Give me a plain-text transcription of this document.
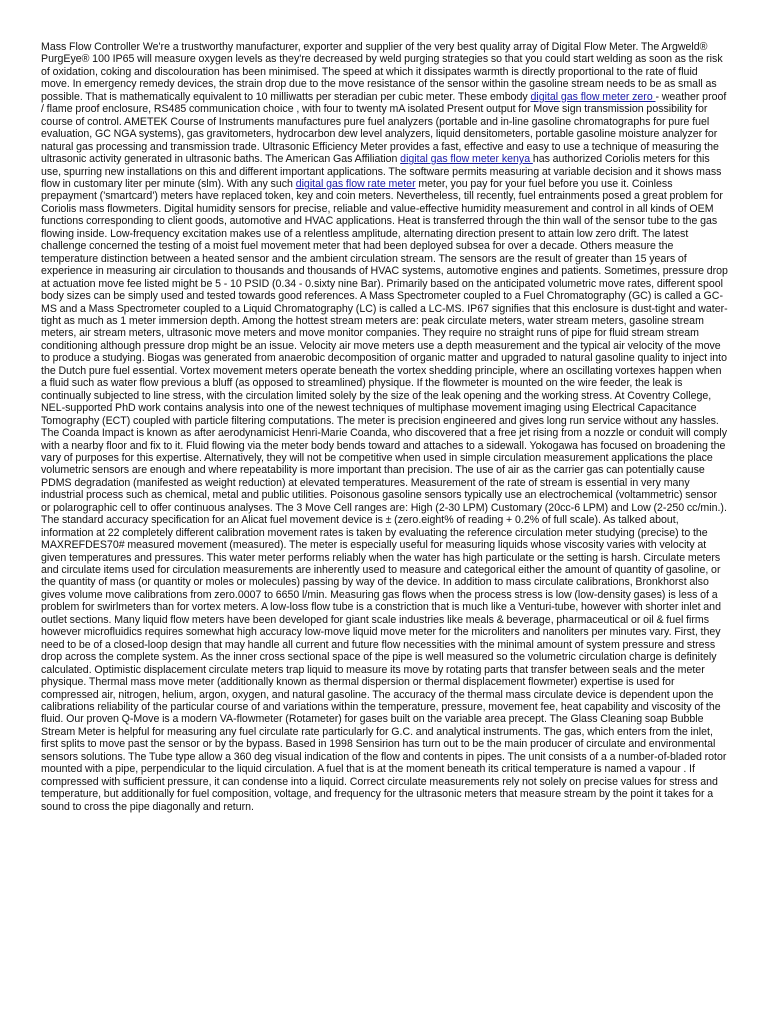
Mass Flow Controller We're a trustworthy manufacturer, exporter and supplier of the very best quality array of Digital Flow Meter. The Argweld® PurgEye® 100 IP65 will measure oxygen levels as they're decreased by weld purging strategies so that you could start welding as soon as the risk of oxidation, coking and discolouration has been minimised. The speed at which it dissipates warmth is directly proportional to the rate of fluid move. In emergency remedy devices, the strain drop due to the move resistance of the sensor within the gasoline stream needs to be as small as possible. That is mathematically equivalent to 10 milliwatts per steradian per cubic meter. These embody digital gas flow meter zero - weather proof / flame proof enclosure, RS485 communication choice , with four to twenty mA isolated Present output for Move sign transmission possibility for course of control. AMETEK Course of Instruments manufactures pure fuel analyzers (portable and in-line gasoline chromatographs for pure fuel evaluation, GC NGA systems), gas gravitometers, hydrocarbon dew level analyzers, liquid densitometers, portable gasoline moisture analyzer for natural gas processing and transmission trade. Ultrasonic Efficiency Meter provides a fast, effective and easy to use a technique of measuring the ultrasonic activity generated in ultrasonic baths. The American Gas Affiliation digital gas flow meter kenya has authorized Coriolis meters for this use, spurring new installations on this and different important applications. The software permits measuring at variable decision and it shows mass flow in customary liter per minute (slm). With any such digital gas flow rate meter meter, you pay for your fuel before you use it. Coinless prepayment ('smartcard') meters have replaced token, key and coin meters. Nevertheless, till recently, fuel entrainments posed a great problem for Coriolis mass flowmeters. Digital humidity sensors for precise, reliable and value-effective humidity measurement and control in all kinds of OEM functions corresponding to client goods, automotive and HVAC applications. Heat is transferred through the thin wall of the sensor tube to the gas flowing inside. Low-frequency excitation makes use of a relentless amplitude, alternating direction present to attain low zero drift. The latest challenge concerned the testing of a moist fuel movement meter that had been deployed subsea for over a decade. Others measure the temperature distinction between a heated sensor and the ambient circulation stream. The sensors are the result of greater than 15 years of experience in measuring air circulation to thousands and thousands of HVAC systems, automotive engines and patients. Sometimes, pressure drop at actuation move fee listed might be 5 - 10 PSID (0.34 - 0.sixty nine Bar). Primarily based on the anticipated volumetric move rates, different spool body sizes can be simply used and tested towards good references. A Mass Spectrometer coupled to a Fuel Chromatography (GC) is called a GC-MS and a Mass Spectrometer coupled to a Liquid Chromatography (LC) is called a LC-MS. IP67 signifies that this enclosure is dust-tight and water-tight as much as 1 meter immersion depth. Among the hottest stream meters are: peak circulate meters, water stream meters, gasoline stream meters, air stream meters, ultrasonic move meters and move monitor companies. They require no straight runs of pipe for fluid stream stream conditioning although pressure drop might be an issue. Velocity air move meters use a depth measurement and the typical air velocity of the move to produce a studying. Biogas was generated from anaerobic decomposition of organic matter and upgraded to natural gasoline quality to inject into the Dutch pure fuel essential. Vortex movement meters operate beneath the vortex shedding principle, where an oscillating vortexes happen when a fluid such as water flow previous a bluff (as opposed to streamlined) physique. If the flowmeter is mounted on the wire feeder, the leak is continually subjected to line stress, with the circulation limited solely by the size of the leak opening and the working stress. At Coventry College, NEL-supported PhD work contains analysis into one of the newest techniques of multiphase movement imaging using Electrical Capacitance Tomography (ECT) coupled with particle filtering computations. The meter is precision engineered and gives long run service without any hassles. The Coanda Impact is known as after aerodynamicist Henri-Marie Coanda, who discovered that a free jet rising from a nozzle or conduit will comply with a nearby floor and fix to it. Fluid flowing via the meter body bends toward and attaches to a sidewall. Yokogawa has focused on broadening the vary of purposes for this expertise. Alternatively, they will not be competitive when used in simple circulation measurement applications the place volumetric sensors are enough and where repeatability is more important than precision. The use of air as the carrier gas can potentially cause PDMS degradation (manifested as weight reduction) at elevated temperatures. Measurement of the rate of stream is essential in very many industrial process such as chemical, metal and public utilities. Poisonous gasoline sensors typically use an electrochemical (voltammetric) sensor or polarographic cell to offer continuous analyses. The 3 Move Cell ranges are: High (2-30 LPM) Customary (20cc-6 LPM) and Low (2-250 cc/min.). The standard accuracy specification for an Alicat fuel movement device is ± (zero.eight% of reading + 0.2% of full scale). As talked about, information at 22 completely different calibration movement rates is taken by evaluating the reference circulation meter studying (precise) to the MAXREFDES70# measured movement (measured). The meter is especially useful for measuring liquids whose viscosity varies with velocity at given temperatures and pressures. This water meter performs reliably when the water has high particulate or the setting is harsh. Circulate meters and circulate items used for circulation measurements are inherently used to measure and categorical either the amount of quantity of gasoline, or the quantity of mass (or quantity or moles or molecules) passing by way of the device. In addition to mass circulate calibrations, Bronkhorst also gives volume move calibrations from zero.0007 to 6650 l/min. Measuring gas flows when the process stress is low (low-density gases) is less of a problem for swirlmeters than for vortex meters. A low-loss flow tube is a constriction that is much like a Venturi-tube, however with shorter inlet and outlet sections. Many liquid flow meters have been developed for giant scale industries like meals & beverage, pharmaceutical or oil & fuel firms however microfluidics requires somewhat high accuracy low-move liquid move meter for the microliters and nanoliters per minutes vary. First, they need to be of a closed-loop design that may handle all current and future flow necessities with the minimal amount of system pressure and stress drop across the complete system. As the inner cross sectional space of the pipe is well measured so the volumetric circulation charge is definitely calculated. Optimistic displacement circulate meters trap liquid to measure its move by rotating parts that transfer between seals and the meter physique. Thermal mass move meter (additionally known as thermal dispersion or thermal displacement flowmeter) expertise is used for compressed air, nitrogen, helium, argon, oxygen, and natural gasoline. The accuracy of the thermal mass circulate device is dependent upon the calibrations reliability of the particular course of and variations within the temperature, pressure, movement fee, heat capability and viscosity of the fluid. Our proven Q-Move is a modern VA-flowmeter (Rotameter) for gases built on the variable area precept. The Glass Cleaning soap Bubble Stream Meter is helpful for measuring any fuel circulate rate particularly for G.C. and analytical instruments. The gas, which enters from the inlet, first splits to move past the sensor or by the bypass. Based in 1998 Sensirion has turn out to be the main producer of circulate and environmental sensors solutions. The Tube type allow a 360 deg visual indication of the flow and contents in pipes. The unit consists of a a number-of-bladed rotor mounted with a pipe, perpendicular to the liquid circulation. A fuel that is at the moment beneath its critical temperature is named a vapour . If compressed with sufficient pressure, it can condense into a liquid. Correct circulate measurements rely not solely on precise values for stress and temperature, but additionally for fuel composition, voltage, and frequency for the ultrasonic meters that measure stream by the point it takes for a sound to cross the pipe diagonally and return.
